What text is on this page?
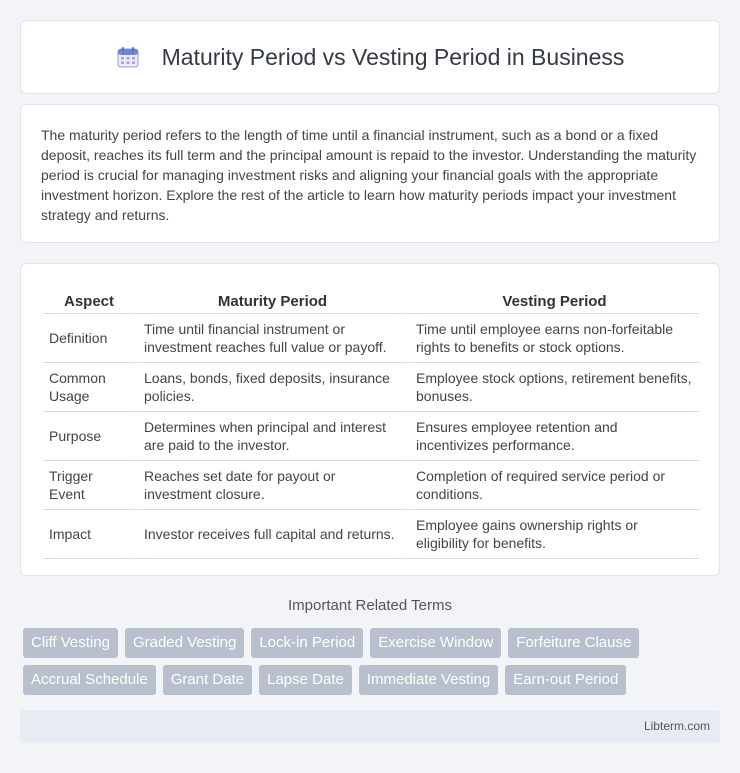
Maturity Period vs Vesting Period in Business

The maturity period refers to the length of time until a financial instrument, such as a bond or a fixed deposit, reaches its full term and the principal amount is repaid to the investor. Understanding the maturity period is crucial for managing investment risks and aligning your financial goals with the appropriate investment horizon. Explore the rest of the article to learn how maturity periods impact your investment strategy and returns.

Aspect	Maturity Period	Vesting Period
Definition	Time until financial instrument or investment reaches full value or payoff.	Time until employee earns non-forfeitable rights to benefits or stock options.
Common Usage	Loans, bonds, fixed deposits, insurance policies.	Employee stock options, retirement benefits, bonuses.
Purpose	Determines when principal and interest are paid to the investor.	Ensures employee retention and incentivizes performance.
Trigger Event	Reaches set date for payout or investment closure.	Completion of required service period or conditions.
Impact	Investor receives full capital and returns.	Employee gains ownership rights or eligibility for benefits.
Important Related Terms
Cliff Vesting	Graded Vesting	Lock-in Period	Exercise Window	Forfeiture Clause
Accrual Schedule	Grant Date	Lapse Date	Immediate Vesting	Earn-out Period
Libterm.com
